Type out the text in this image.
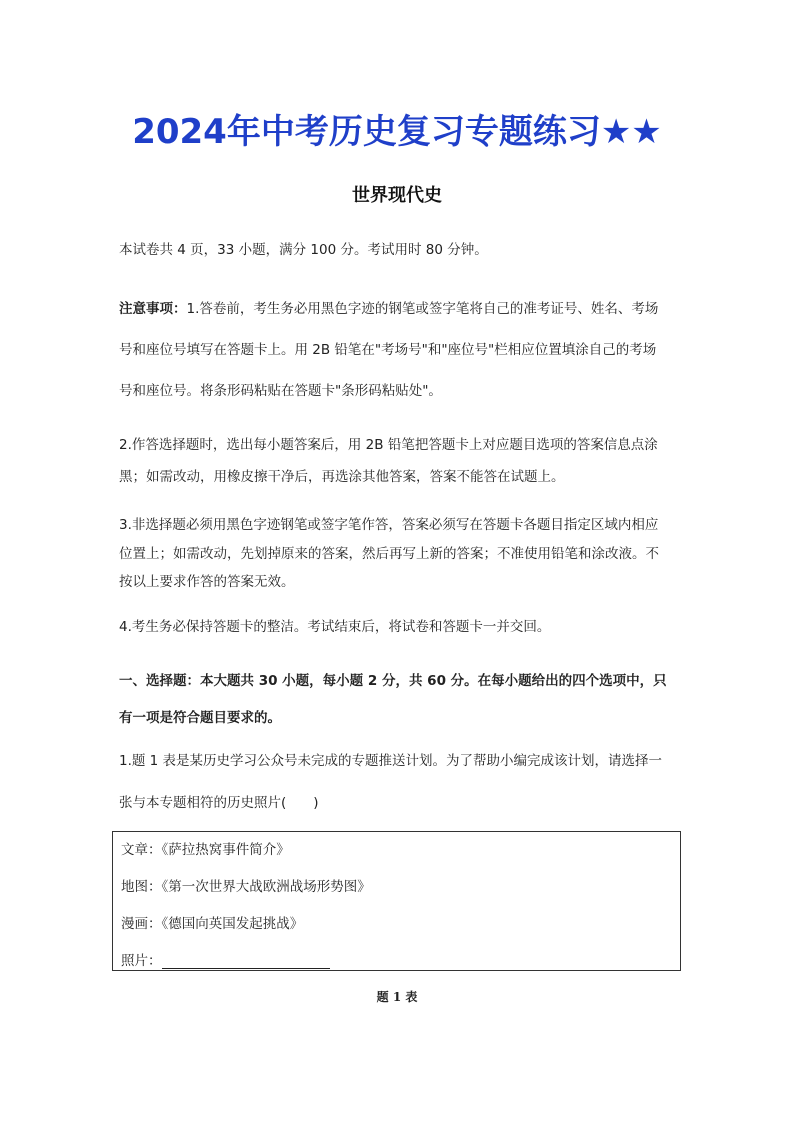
2024年中考历史复习专题练习★★
世界现代史
本试卷共 4 页，33 小题，满分 100 分。考试用时 80 分钟。
注意事项：1.答卷前，考生务必用黑色字迹的钢笔或签字笔将自己的准考证号、姓名、考场
号和座位号填写在答题卡上。用 2B 铅笔在"考场号"和"座位号"栏相应位置填涂自己的考场
号和座位号。将条形码粘贴在答题卡"条形码粘贴处"。
2.作答选择题时，选出每小题答案后，用 2B 铅笔把答题卡上对应题目选项的答案信息点涂
黑；如需改动，用橡皮擦干净后，再选涂其他答案，答案不能答在试题上。
3.非选择题必须用黑色字迹钢笔或签字笔作答，答案必须写在答题卡各题目指定区域内相应
位置上；如需改动，先划掉原来的答案，然后再写上新的答案；不准使用铅笔和涂改液。不
按以上要求作答的答案无效。
4.考生务必保持答题卡的整洁。考试结束后，将试卷和答题卡一并交回。
一、选择题：本大题共 30 小题，每小题 2 分，共 60 分。在每小题给出的四个选项中，只
有一项是符合题目要求的。
1.题 1 表是某历史学习公众号未完成的专题推送计划。为了帮助小编完成该计划，请选择一
张与本专题相符的历史照片(　　)
文章：《萨拉热窝事件简介》
地图：《第一次世界大战欧洲战场形势图》
漫画：《德国向英国发起挑战》
照片：
题 1 表
